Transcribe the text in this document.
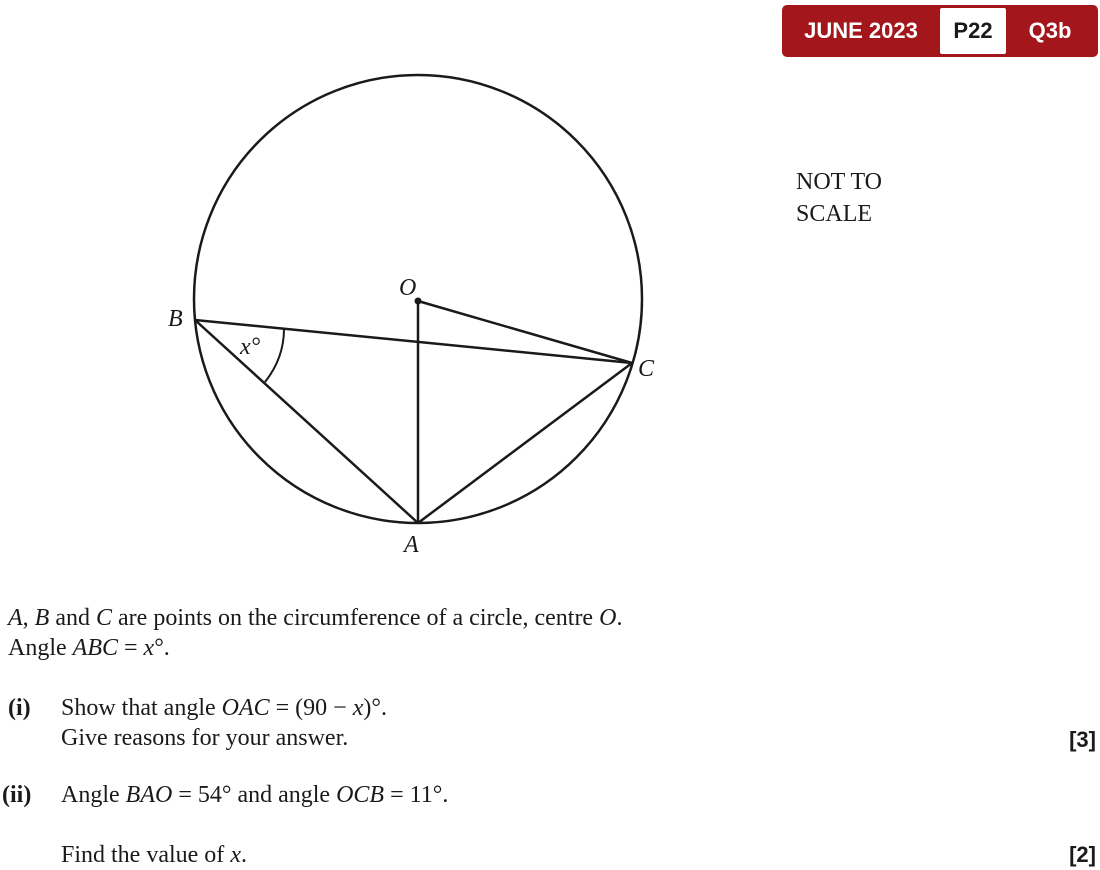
JUNE 2023	P22	Q3b
O
B
C
A
x°
NOT TO
SCALE
A, B and C are points on the circumference of a circle, centre O.
Angle ABC = x°.
(i) Show that angle OAC = (90 − x)°.
Give reasons for your answer.	[3]
(ii) Angle BAO = 54° and angle OCB = 11°.
Find the value of x.	[2]
